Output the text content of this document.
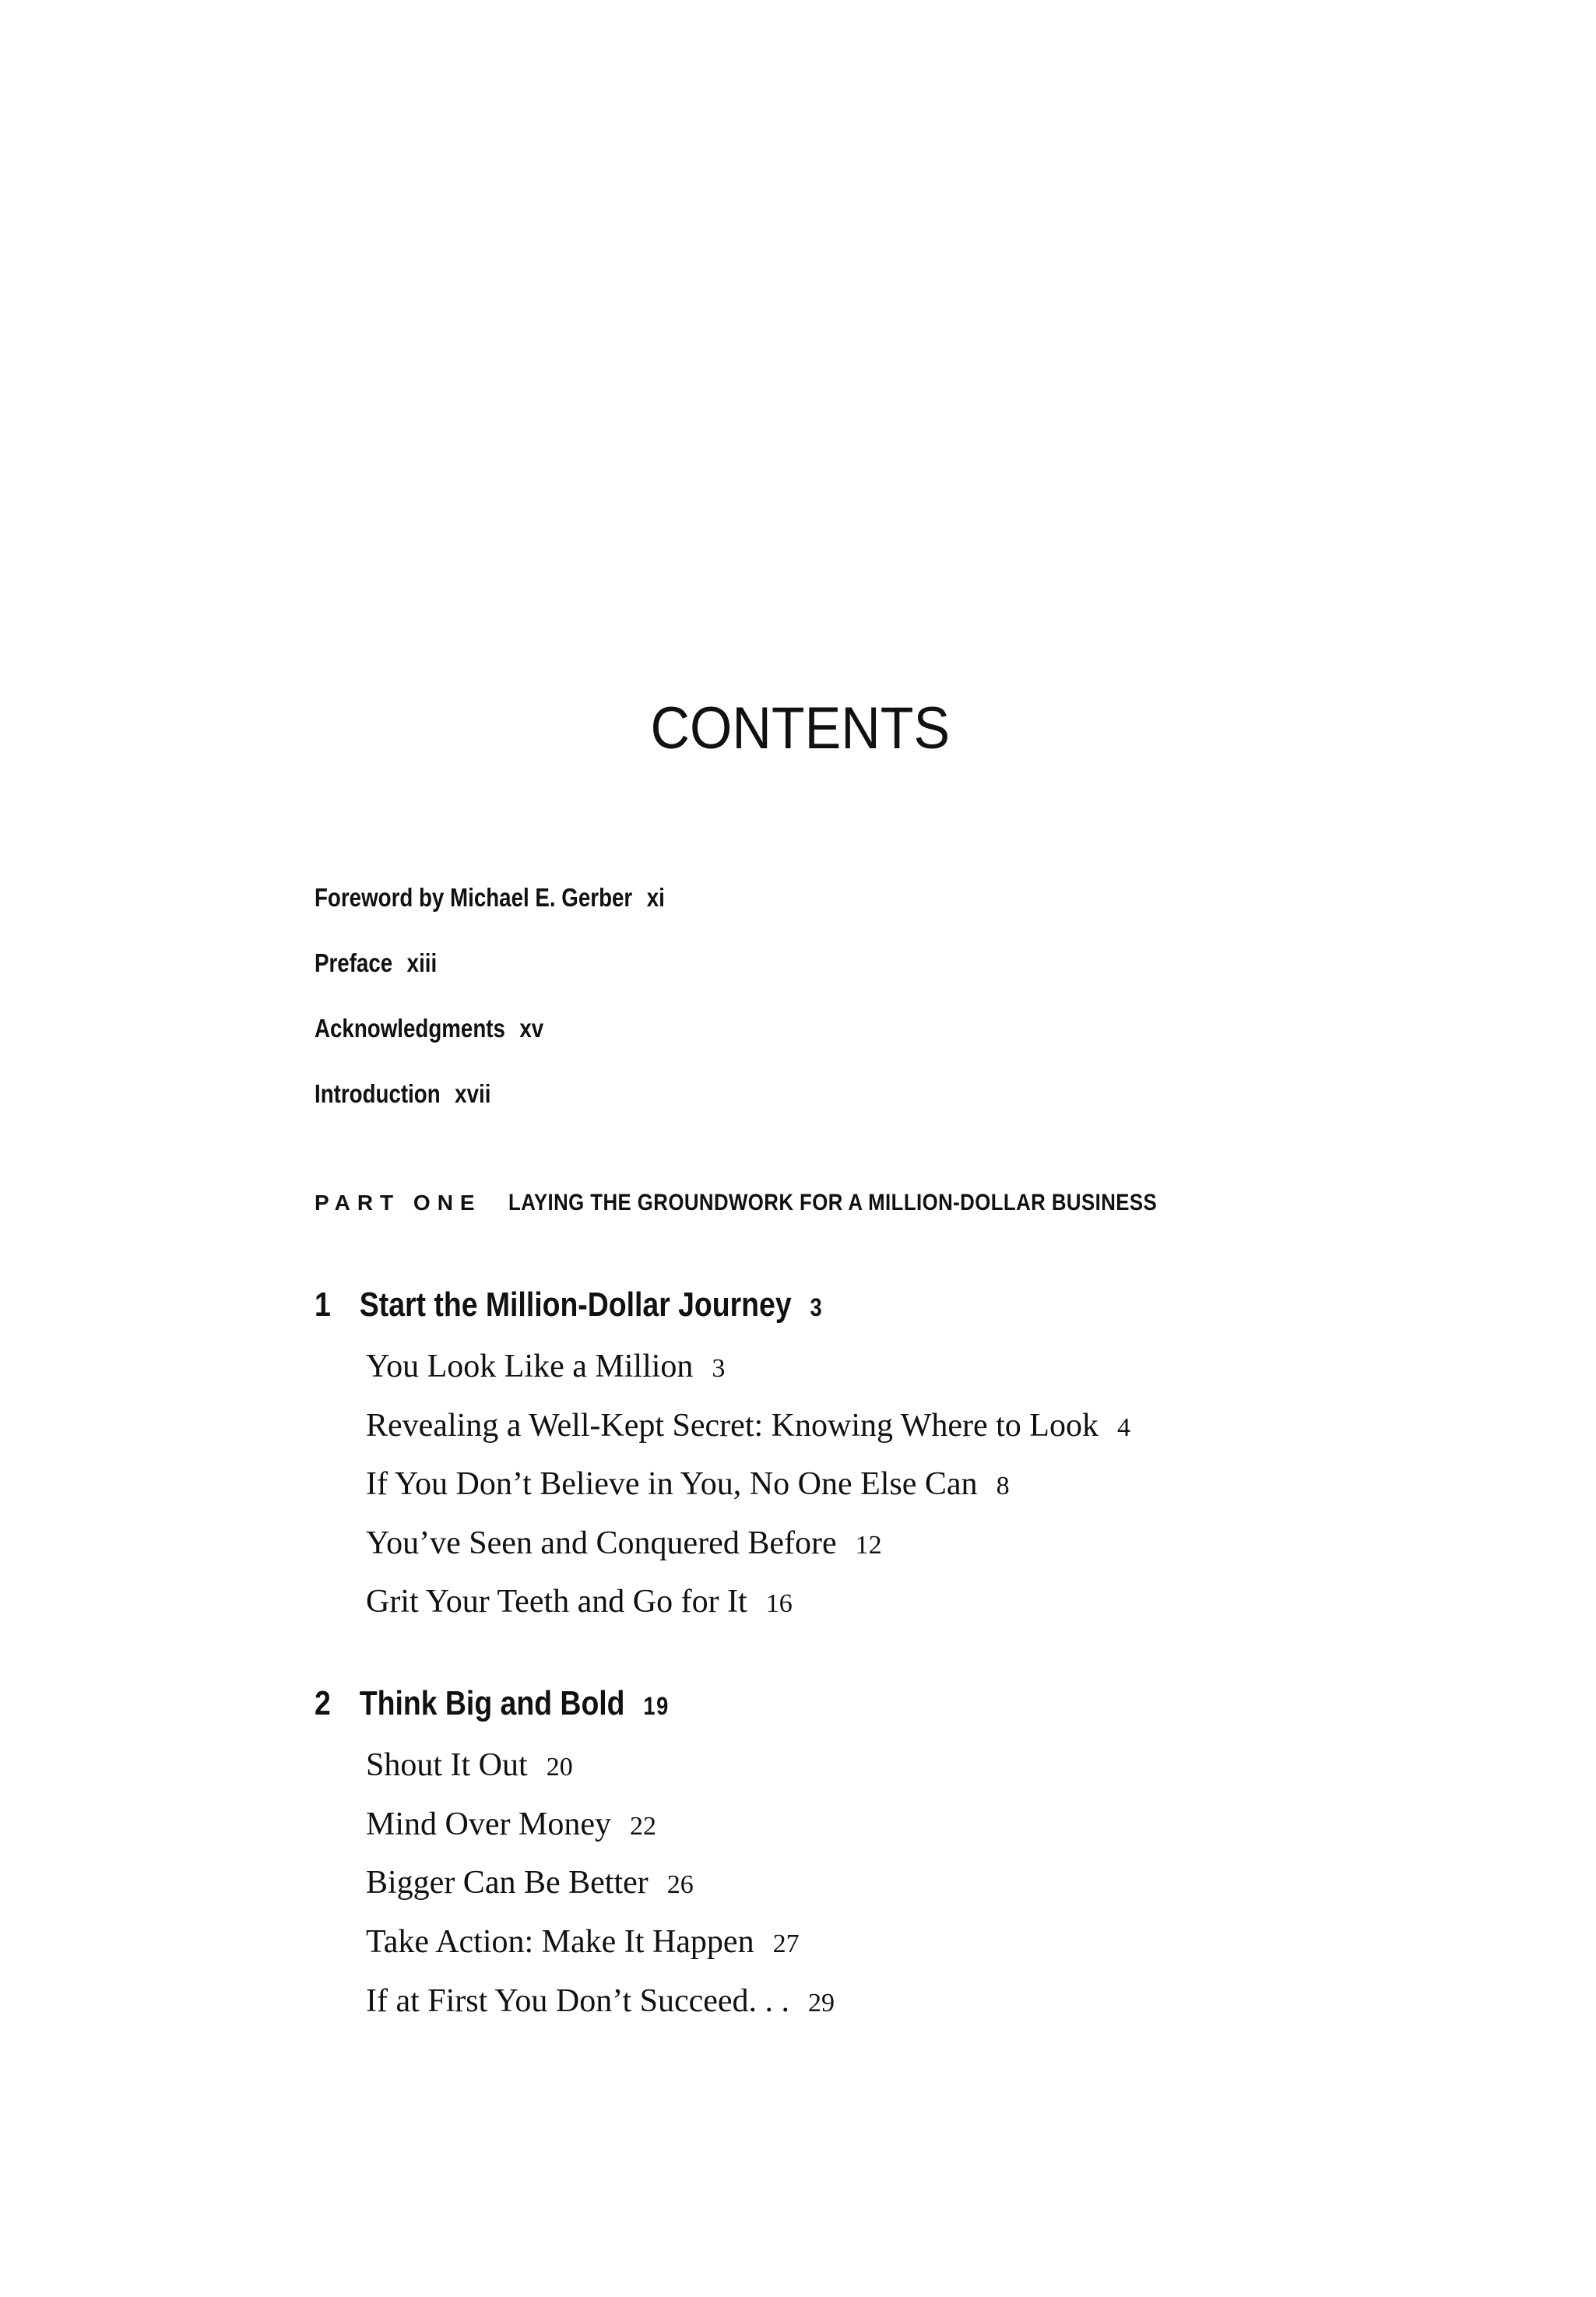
CONTENTS
Foreword by Michael E. Gerber xi
Preface xiii
Acknowledgments xv
Introduction xvii
PART ONE LAYING THE GROUNDWORK FOR A MILLION-DOLLAR BUSINESS
1 Start the Million-Dollar Journey 3
You Look Like a Million 3
Revealing a Well-Kept Secret: Knowing Where to Look 4
If You Don’t Believe in You, No One Else Can 8
You’ve Seen and Conquered Before 12
Grit Your Teeth and Go for It 16
2 Think Big and Bold 19
Shout It Out 20
Mind Over Money 22
Bigger Can Be Better 26
Take Action: Make It Happen 27
If at First You Don’t Succeed. . . 29
